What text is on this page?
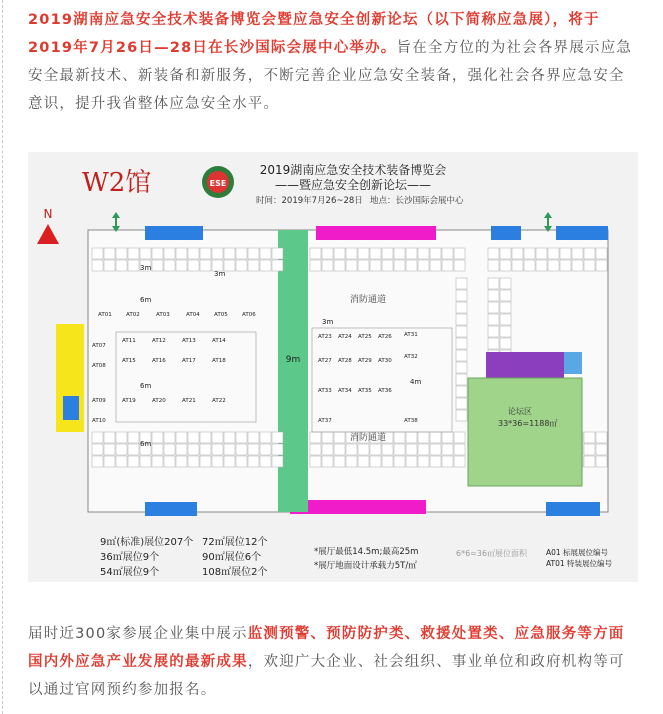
2019湖南应急安全技术装备博览会暨应急安全创新论坛（以下简称应急展），将于2019年7月26日—28日在长沙国际会展中心举办。旨在全方位的为社会各界展示应急安全最新技术、新装备和新服务，不断完善企业应急安全装备，强化社会各界应急安全意识，提升我省整体应急安全水平。

W2馆	ESE
2019湖南应急安全技术装备博览会
——暨应急安全创新论坛——
时间：2019年7月26~28日 地点：长沙国际会展中心
N
9m
论坛区
33*36=1188㎡
消防通道
消防通道
3m
6m
3m
6m
6m
3m
4m
AT01	AT02	AT03	AT04	AT05	AT06
AT07
AT08
AT09
AT10
AT11	AT12	AT13	AT14
AT15	AT16	AT17	AT18
AT19	AT20	AT21	AT22
AT23 AT24 AT25 AT26
AT27 AT28 AT29 AT30
AT31
AT32
AT33 AT34 AT35 AT36
AT37	AT38
9㎡(标准)展位207个
36㎡展位9个
54㎡展位9个
72㎡展位12个
90㎡展位6个
108㎡展位2个
*展厅最低14.5m;最高25m
*展厅地面设计承载力5T/㎡
6*6=36㎡展位面积	A01 标展展位编号
AT01 特装展位编号

届时近300家参展企业集中展示监测预警、预防防护类、救援处置类、应急服务等方面国内外应急产业发展的最新成果，欢迎广大企业、社会组织、事业单位和政府机构等可以通过官网预约参加报名。
